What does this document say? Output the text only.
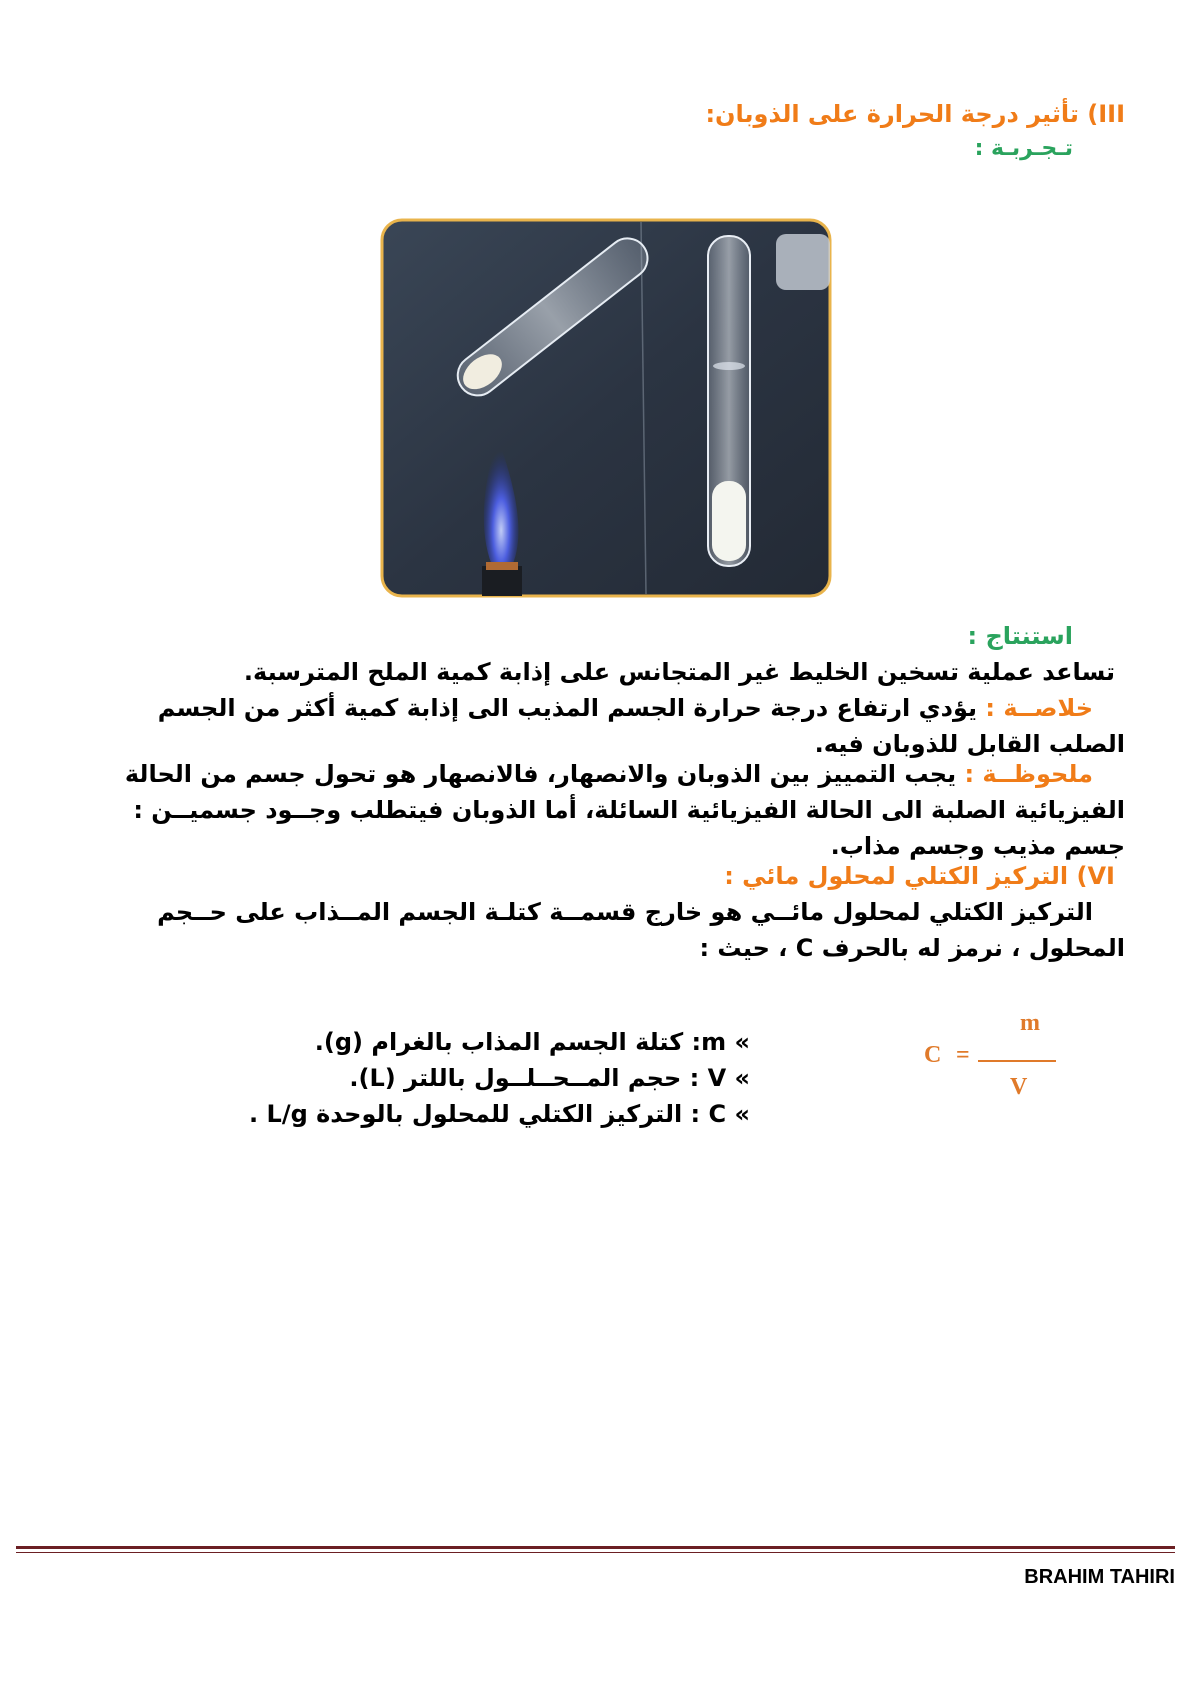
III) تأثير درجة الحرارة على الذوبان:
تـجـربـة :
استنتاج :
تساعد عملية تسخين الخليط غير المتجانس على إذابة كمية الملح المترسبة.
خلاصــة : يؤدي ارتفاع درجة حرارة الجسم المذيب الى إذابة كمية أكثر من الجسم
الصلب القابل للذوبان فيه.
ملحوظــة : يجب التمييز بين الذوبان والانصهار، فالانصهار هو تحول جسم من الحالة
الفيزيائية الصلبة الى الحالة الفيزيائية السائلة، أما الذوبان فيتطلب وجــود جسميــن :
جسم مذيب وجسم مذاب.
VI) التركيز الكتلي لمحلول مائي :
التركيز الكتلي لمحلول مائــي هو خارج قسمــة كتلـة الجسم المــذاب على حــجم
المحلول ، نرمز له بالحرف C ، حيث :
m
C =
V
» m: كتلة الجسم المذاب بالغرام (g).
» V : حجم المــحــلــول باللتر (L).
» C : التركيز الكتلي للمحلول بالوحدة L/g .
BRAHIM TAHIRI
